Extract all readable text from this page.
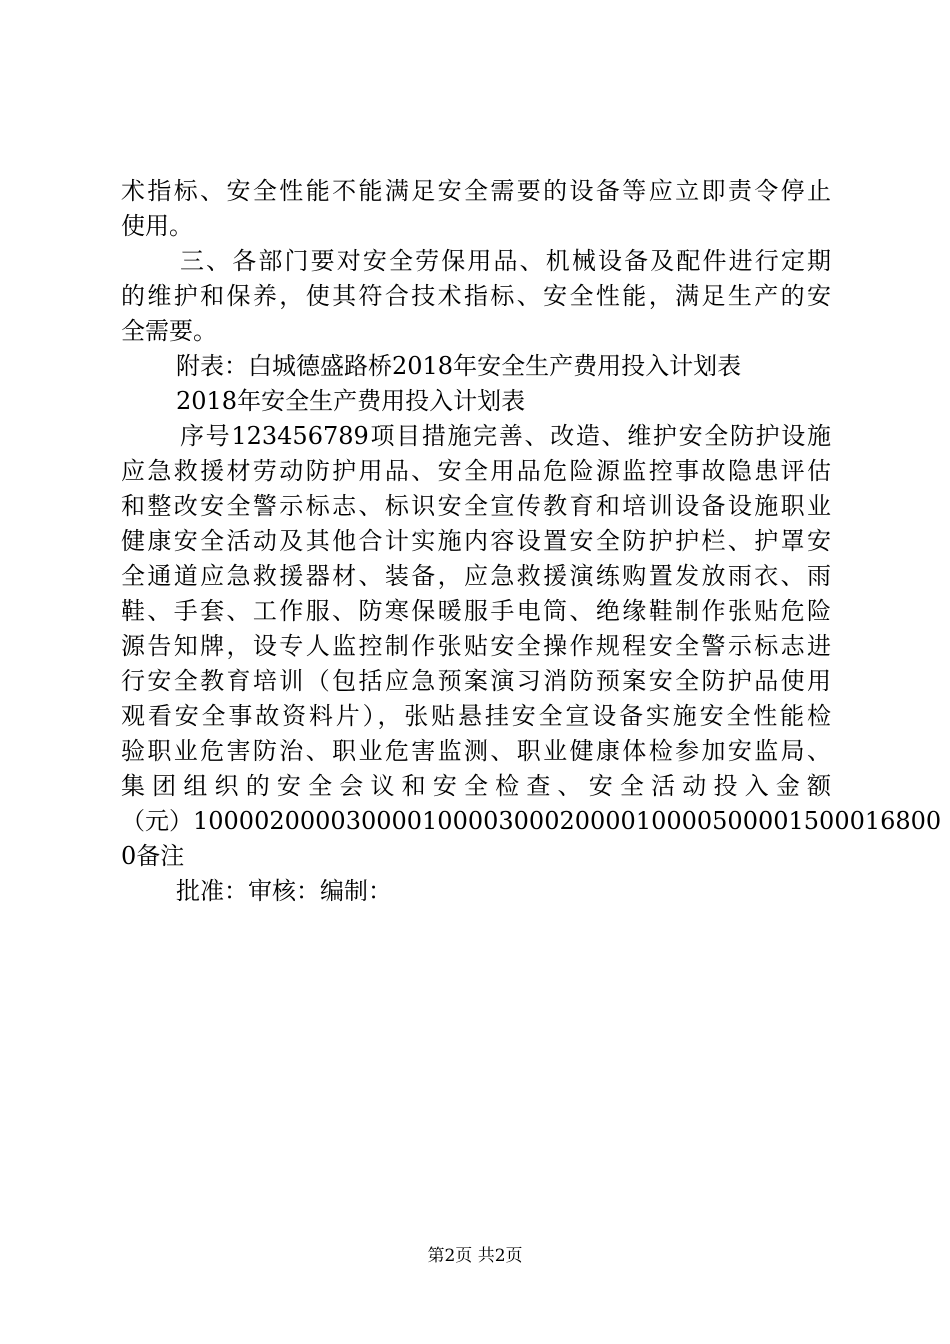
术指标、安全性能不能满足安全需要的设备等应立即责令停止
使用。
三、各部门要对安全劳保用品、机械设备及配件进行定期
的维护和保养，使其符合技术指标、安全性能，满足生产的安
全需要。
附表：白城德盛路桥2018年安全生产费用投入计划表
2018年安全生产费用投入计划表
序号123456789项目措施完善、改造、维护安全防护设施
应急救援材劳动防护用品、安全用品危险源监控事故隐患评估
和整改安全警示标志、标识安全宣传教育和培训设备设施职业
健康安全活动及其他合计实施内容设置安全防护护栏、护罩安
全通道应急救援器材、装备，应急救援演练购置发放雨衣、雨
鞋、手套、工作服、防寒保暖服手电筒、绝缘鞋制作张贴危险
源告知牌，设专人监控制作张贴安全操作规程安全警示标志进
行安全教育培训（包括应急预案演习消防预案安全防护品使用
观看安全事故资料片），张贴悬挂安全宣设备实施安全性能检
验职业危害防治、职业危害监测、职业健康体检参加安监局、
集团组织的安全会议和安全检查、安全活动投入金额
（元）100002000030000100003000200001000050000150001680​0
0备注
批准：审核：编制：
第2页 共2页
